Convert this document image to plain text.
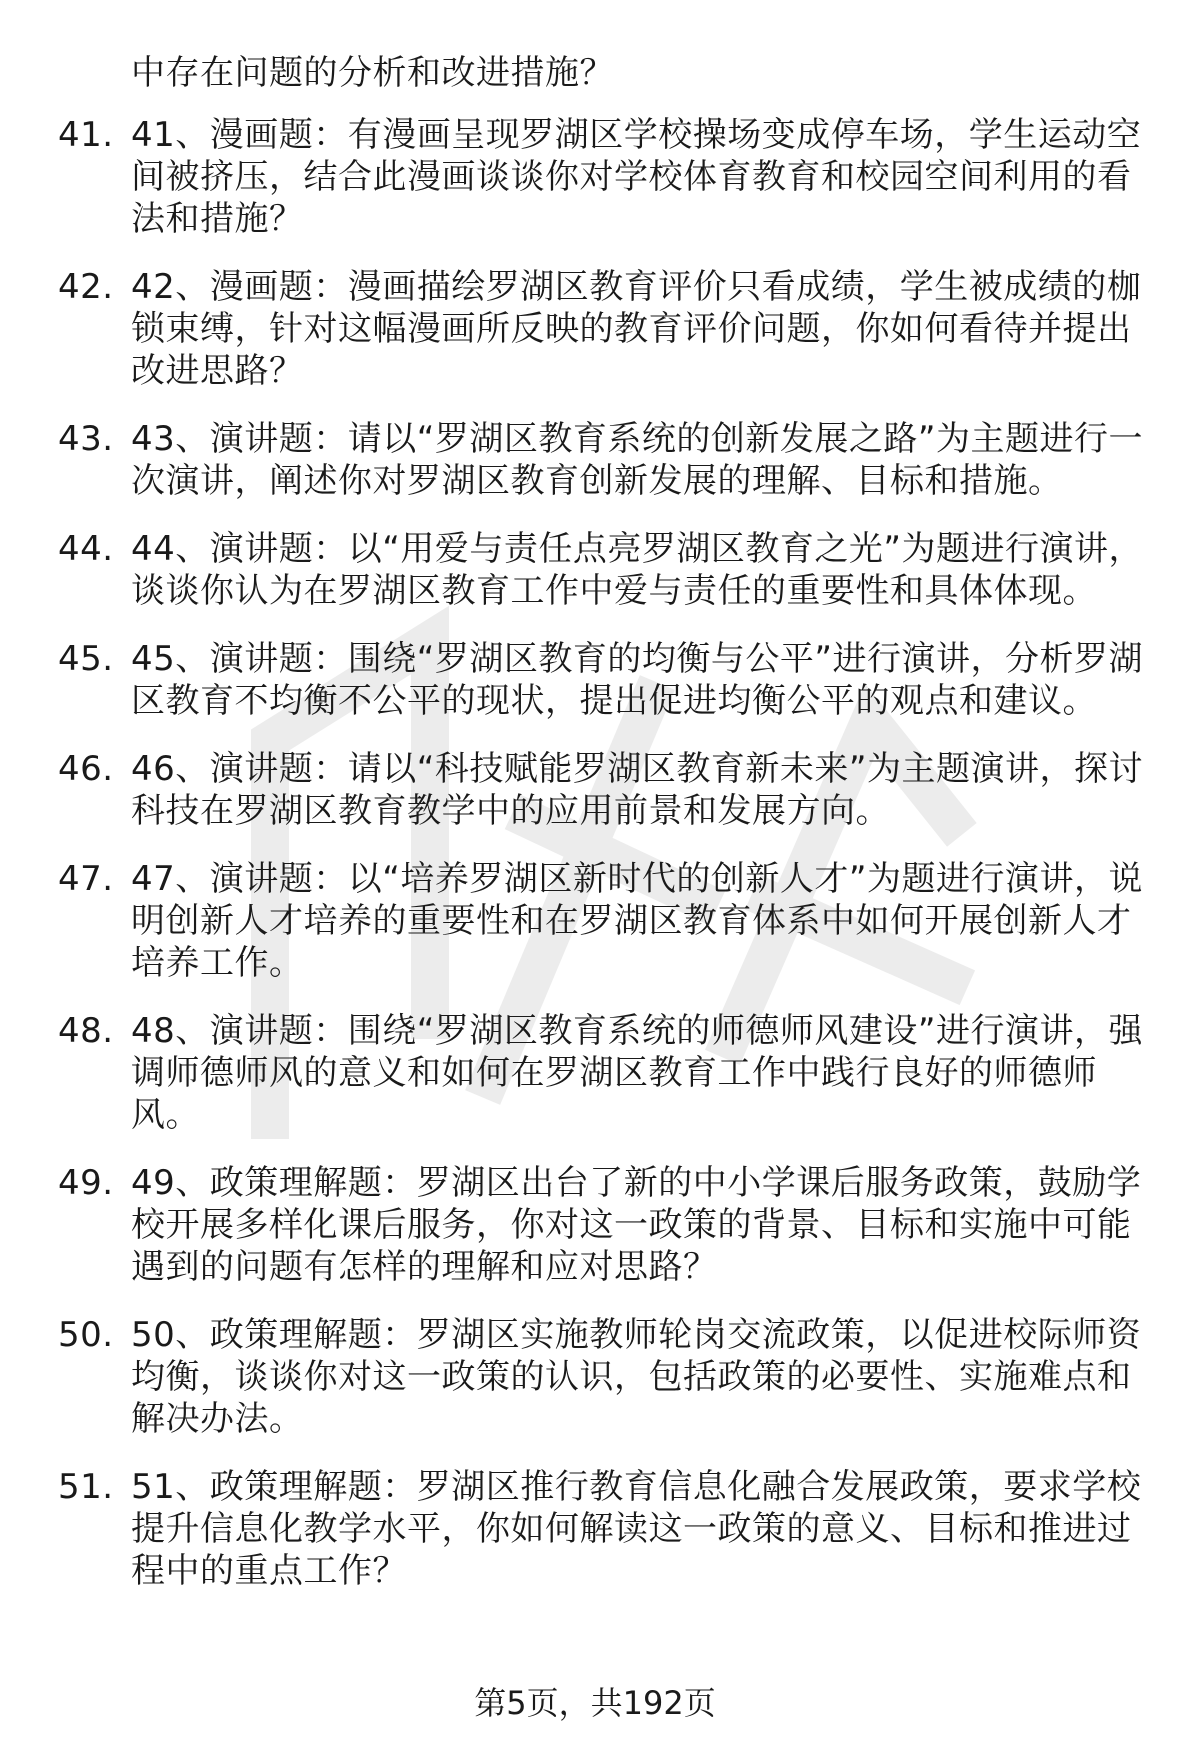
中存在问题的分析和改进措施？
41. 41、漫画题：有漫画呈现罗湖区学校操场变成停车场，学生运动空间被挤压，结合此漫画谈谈你对学校体育教育和校园空间利用的看法和措施？
42. 42、漫画题：漫画描绘罗湖区教育评价只看成绩，学生被成绩的枷锁束缚，针对这幅漫画所反映的教育评价问题，你如何看待并提出改进思路？
43. 43、演讲题：请以“罗湖区教育系统的创新发展之路”为主题进行一次演讲，阐述你对罗湖区教育创新发展的理解、目标和措施。
44. 44、演讲题：以“用爱与责任点亮罗湖区教育之光”为题进行演讲，谈谈你认为在罗湖区教育工作中爱与责任的重要性和具体体现。
45. 45、演讲题：围绕“罗湖区教育的均衡与公平”进行演讲，分析罗湖区教育不均衡不公平的现状，提出促进均衡公平的观点和建议。
46. 46、演讲题：请以“科技赋能罗湖区教育新未来”为主题演讲，探讨科技在罗湖区教育教学中的应用前景和发展方向。
47. 47、演讲题：以“培养罗湖区新时代的创新人才”为题进行演讲，说明创新人才培养的重要性和在罗湖区教育体系中如何开展创新人才培养工作。
48. 48、演讲题：围绕“罗湖区教育系统的师德师风建设”进行演讲，强调师德师风的意义和如何在罗湖区教育工作中践行良好的师德师风。
49. 49、政策理解题：罗湖区出台了新的中小学课后服务政策，鼓励学校开展多样化课后服务，你对这一政策的背景、目标和实施中可能遇到的问题有怎样的理解和应对思路？
50. 50、政策理解题：罗湖区实施教师轮岗交流政策，以促进校际师资均衡，谈谈你对这一政策的认识，包括政策的必要性、实施难点和解决办法。
51. 51、政策理解题：罗湖区推行教育信息化融合发展政策，要求学校提升信息化教学水平，你如何解读这一政策的意义、目标和推进过程中的重点工作？
第5页，共192页
